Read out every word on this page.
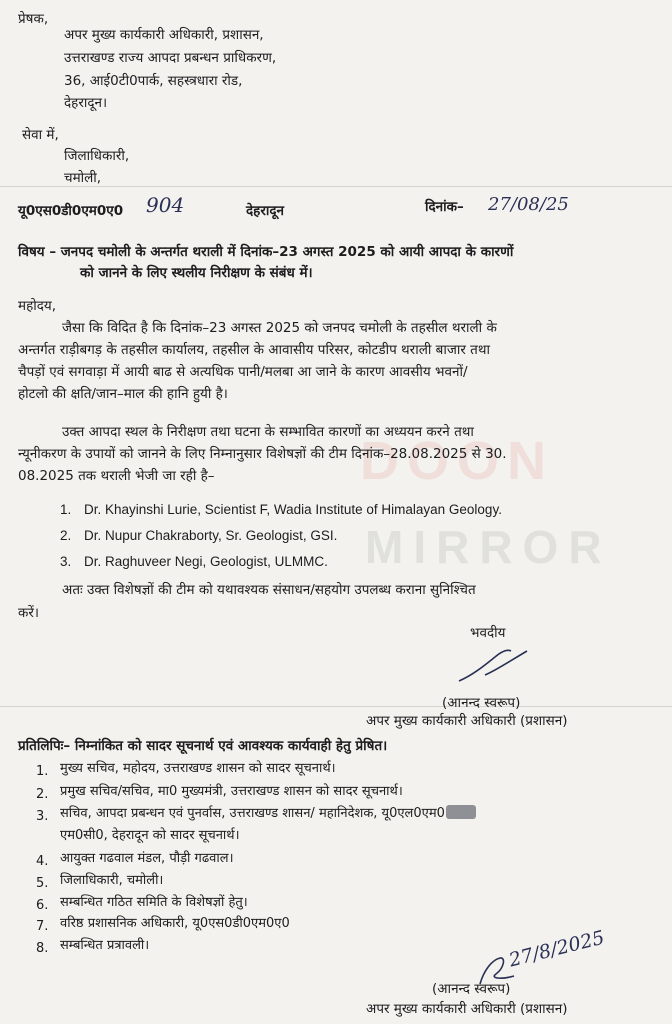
DOON
MIRROR
प्रेषक,
अपर मुख्य कार्यकारी अधिकारी, प्रशासन,
उत्तराखण्ड राज्य आपदा प्रबन्धन प्राधिकरण,
36, आई0टी0पार्क, सहस्त्रधारा रोड,
देहरादून।
सेवा में,
जिलाधिकारी,
चमोली,
यू0एस0डी0एम0ए0 904	देहरादून	दिनांक– 27/08/25
विषय – जनपद चमोली के अन्तर्गत थराली में दिनांक–23 अगस्त 2025 को आयी आपदा के कारणों
को जानने के लिए स्थलीय निरीक्षण के संबंध में।
महोदय,
जैसा कि विदित है कि दिनांक–23 अगस्त 2025 को जनपद चमोली के तहसील थराली के
अन्तर्गत राड़ीबगड़ के तहसील कार्यालय, तहसील के आवासीय परिसर, कोटडीप थराली बाजार तथा
चैपड़ों एवं सगवाड़ा में आयी बाढ से अत्यधिक पानी/मलबा आ जाने के कारण आवसीय भवनों/
होटलो की क्षति/जान–माल की हानि हुयी है।
उक्त आपदा स्थल के निरीक्षण तथा घटना के सम्भावित कारणों का अध्ययन करने तथा
न्यूनीकरण के उपायों को जानने के लिए निम्नानुसार विशेषज्ञों की टीम दिनांक–28.08.2025 से 30.
08.2025 तक थराली भेजी जा रही है–
1. Dr. Khayinshi Lurie, Scientist F, Wadia Institute of Himalayan Geology.
2. Dr. Nupur Chakraborty, Sr. Geologist, GSI.
3. Dr. Raghuveer Negi, Geologist, ULMMC.
अतः उक्त विशेषज्ञों की टीम को यथावश्यक संसाधन/सहयोग उपलब्ध कराना सुनिश्चित
करें।
भवदीय
(आनन्द स्वरूप)
अपर मुख्य कार्यकारी अधिकारी (प्रशासन)
प्रतिलिपिः– निम्नांकित को सादर सूचनार्थ एवं आवश्यक कार्यवाही हेतु प्रेषित।
1. मुख्य सचिव, महोदय, उत्तराखण्ड शासन को सादर सूचनार्थ।
2. प्रमुख सचिव/सचिव, मा0 मुख्यमंत्री, उत्तराखण्ड शासन को सादर सूचनार्थ।
3. सचिव, आपदा प्रबन्धन एवं पुनर्वास, उत्तराखण्ड शासन/ महानिदेशक, यू0एल0एम0
एम0सी0, देहरादून को सादर सूचनार्थ।
4. आयुक्त गढवाल मंडल, पौड़ी गढवाल।
5. जिलाधिकारी, चमोली।
6. सम्बन्धित गठित समिति के विशेषज्ञों हेतु।
7. वरिष्ठ प्रशासनिक अधिकारी, यू0एस0डी0एम0ए0
8. सम्बन्धित प्रत्रावली।	27/8/2025
(आनन्द स्वरूप)
अपर मुख्य कार्यकारी अधिकारी (प्रशासन)
